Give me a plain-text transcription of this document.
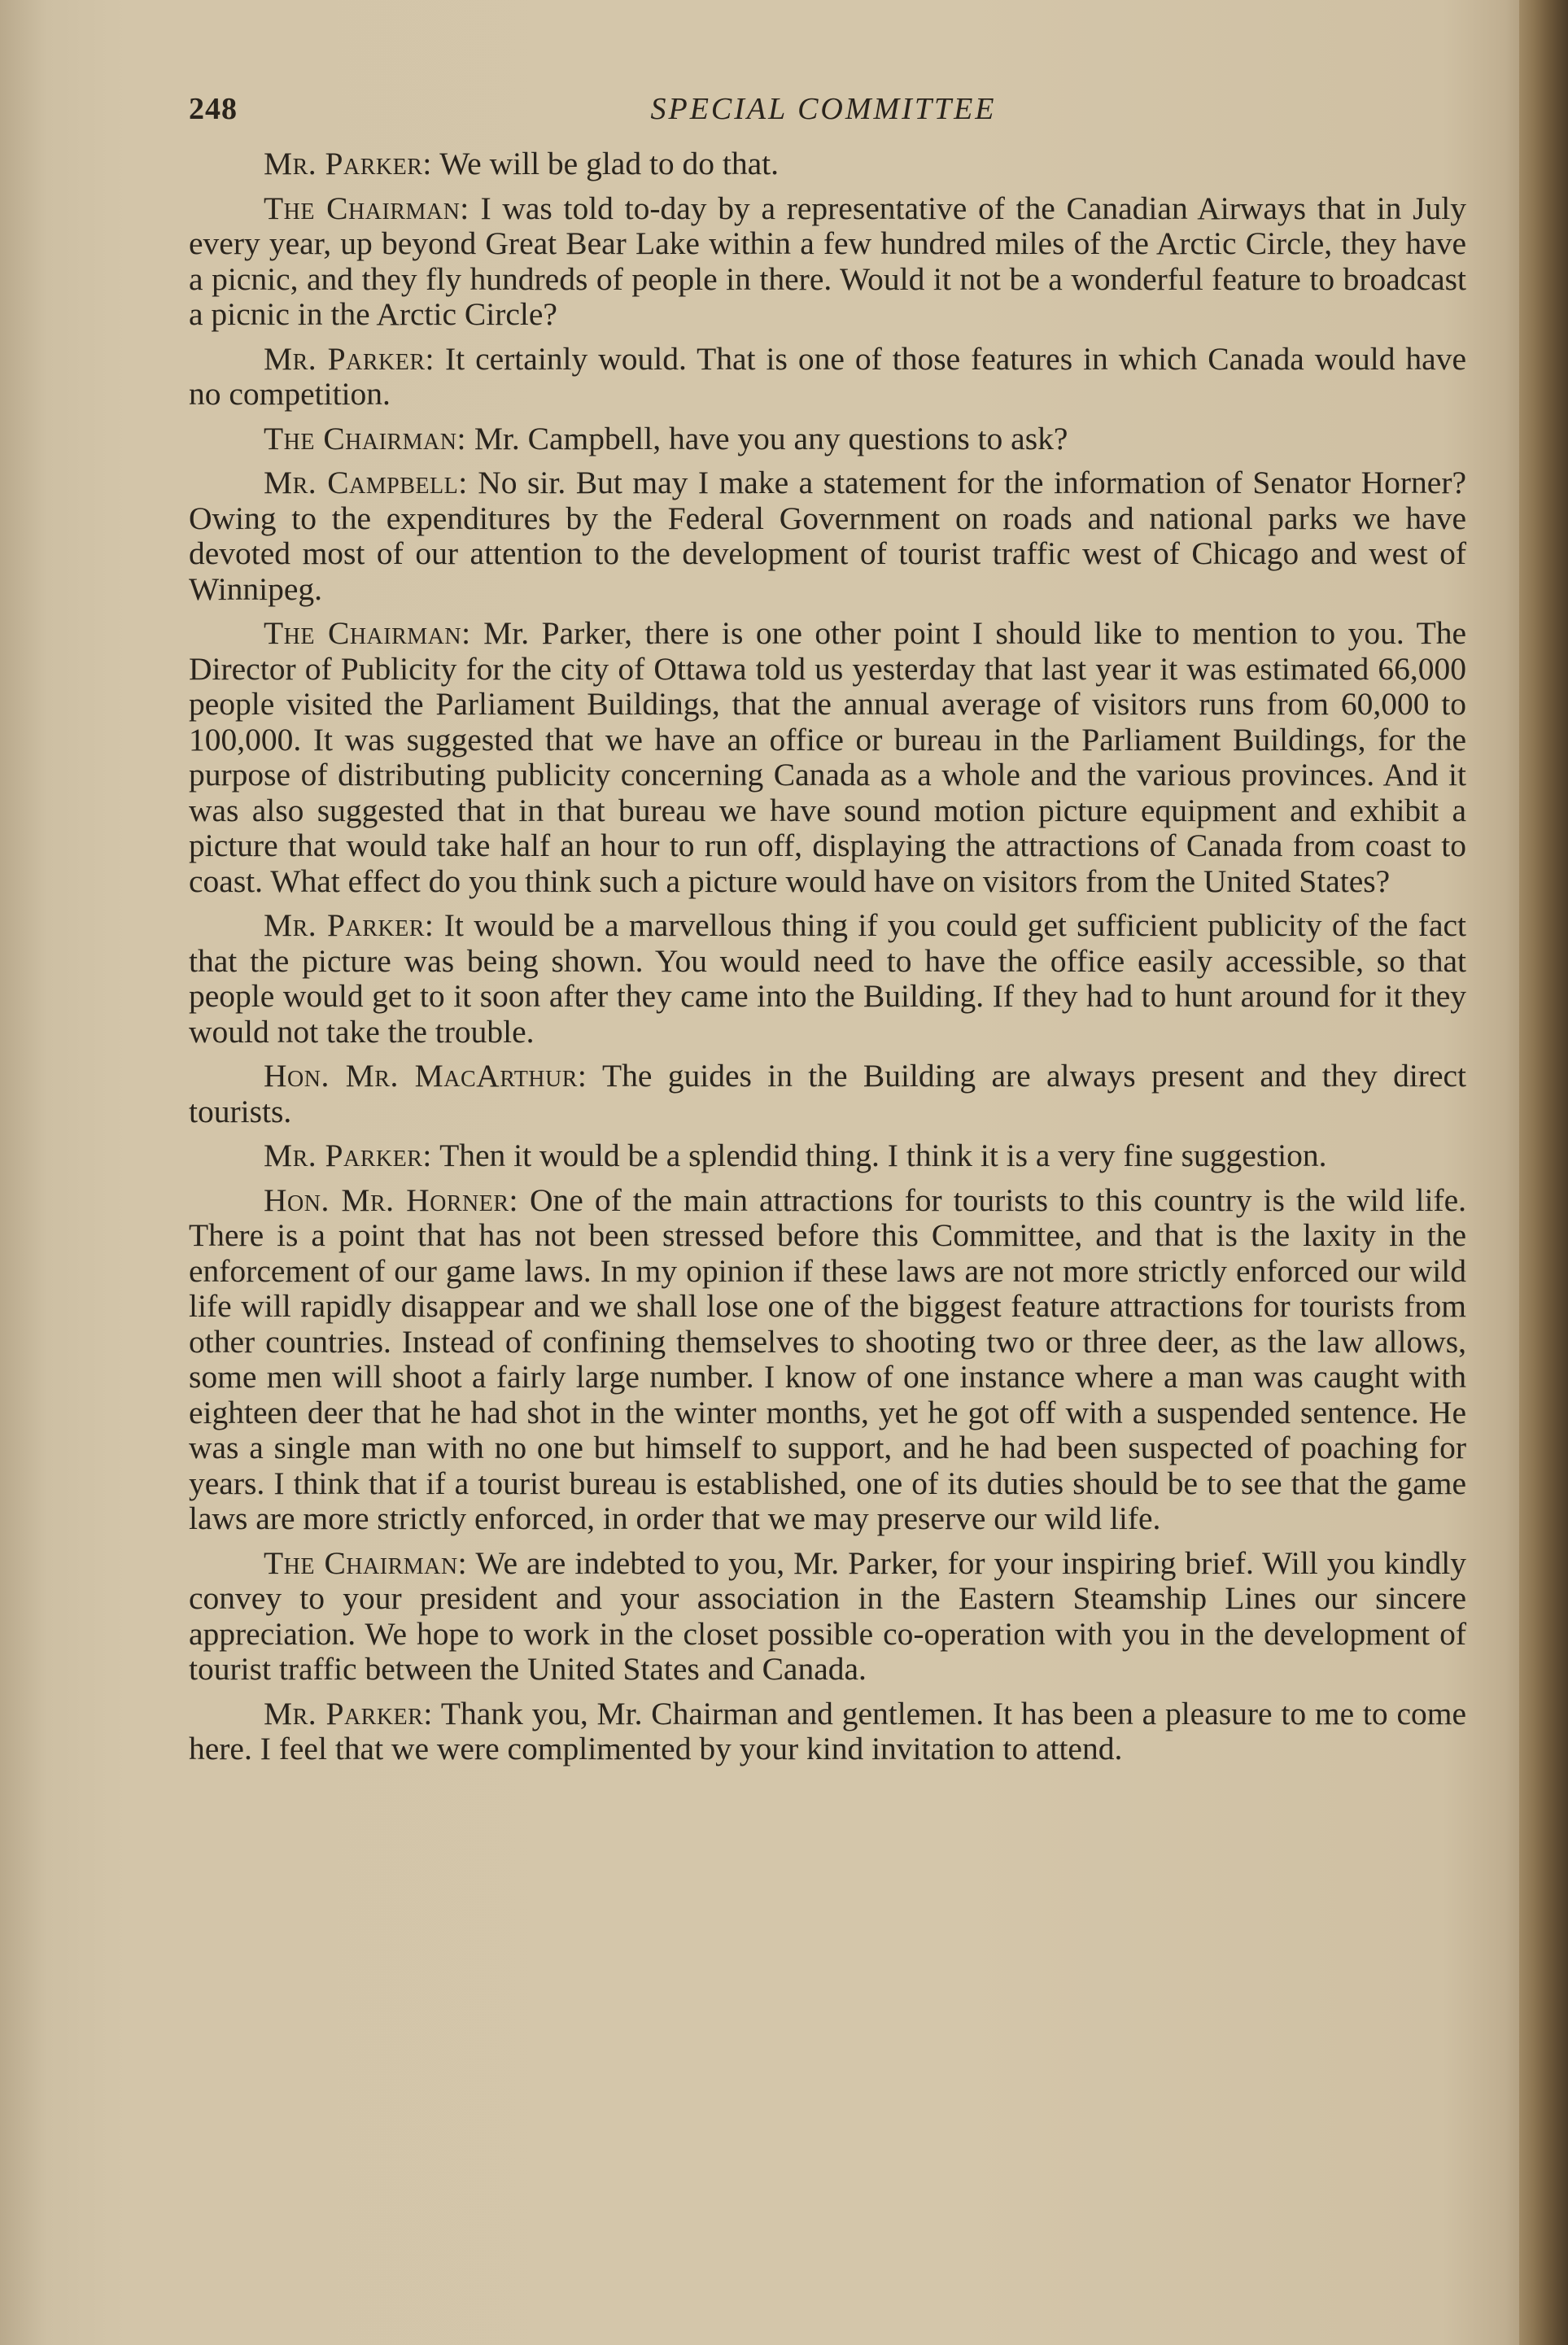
248	SPECIAL COMMITTEE

Mr. Parker: We will be glad to do that.

The Chairman: I was told to-day by a representative of the Canadian Airways that in July every year, up beyond Great Bear Lake within a few hundred miles of the Arctic Circle, they have a picnic, and they fly hundreds of people in there. Would it not be a wonderful feature to broadcast a picnic in the Arctic Circle?

Mr. Parker: It certainly would. That is one of those features in which Canada would have no competition.

The Chairman: Mr. Campbell, have you any questions to ask?

Mr. Campbell: No sir. But may I make a statement for the information of Senator Horner? Owing to the expenditures by the Federal Government on roads and national parks we have devoted most of our attention to the development of tourist traffic west of Chicago and west of Winnipeg.

The Chairman: Mr. Parker, there is one other point I should like to mention to you. The Director of Publicity for the city of Ottawa told us yesterday that last year it was estimated 66,000 people visited the Parliament Buildings, that the annual average of visitors runs from 60,000 to 100,000. It was suggested that we have an office or bureau in the Parliament Buildings, for the purpose of distributing publicity concerning Canada as a whole and the various provinces. And it was also suggested that in that bureau we have sound motion picture equipment and exhibit a picture that would take half an hour to run off, displaying the attractions of Canada from coast to coast. What effect do you think such a picture would have on visitors from the United States?

Mr. Parker: It would be a marvellous thing if you could get sufficient publicity of the fact that the picture was being shown. You would need to have the office easily accessible, so that people would get to it soon after they came into the Building. If they had to hunt around for it they would not take the trouble.

Hon. Mr. MacArthur: The guides in the Building are always present and they direct tourists.

Mr. Parker: Then it would be a splendid thing. I think it is a very fine suggestion.

Hon. Mr. Horner: One of the main attractions for tourists to this country is the wild life. There is a point that has not been stressed before this Committee, and that is the laxity in the enforcement of our game laws. In my opinion if these laws are not more strictly enforced our wild life will rapidly disappear and we shall lose one of the biggest feature attractions for tourists from other countries. Instead of confining themselves to shooting two or three deer, as the law allows, some men will shoot a fairly large number. I know of one instance where a man was caught with eighteen deer that he had shot in the winter months, yet he got off with a suspended sentence. He was a single man with no one but himself to support, and he had been suspected of poaching for years. I think that if a tourist bureau is established, one of its duties should be to see that the game laws are more strictly enforced, in order that we may preserve our wild life.

The Chairman: We are indebted to you, Mr. Parker, for your inspiring brief. Will you kindly convey to your president and your association in the Eastern Steamship Lines our sincere appreciation. We hope to work in the closet possible co-operation with you in the development of tourist traffic between the United States and Canada.

Mr. Parker: Thank you, Mr. Chairman and gentlemen. It has been a pleasure to me to come here. I feel that we were complimented by your kind invitation to attend.
